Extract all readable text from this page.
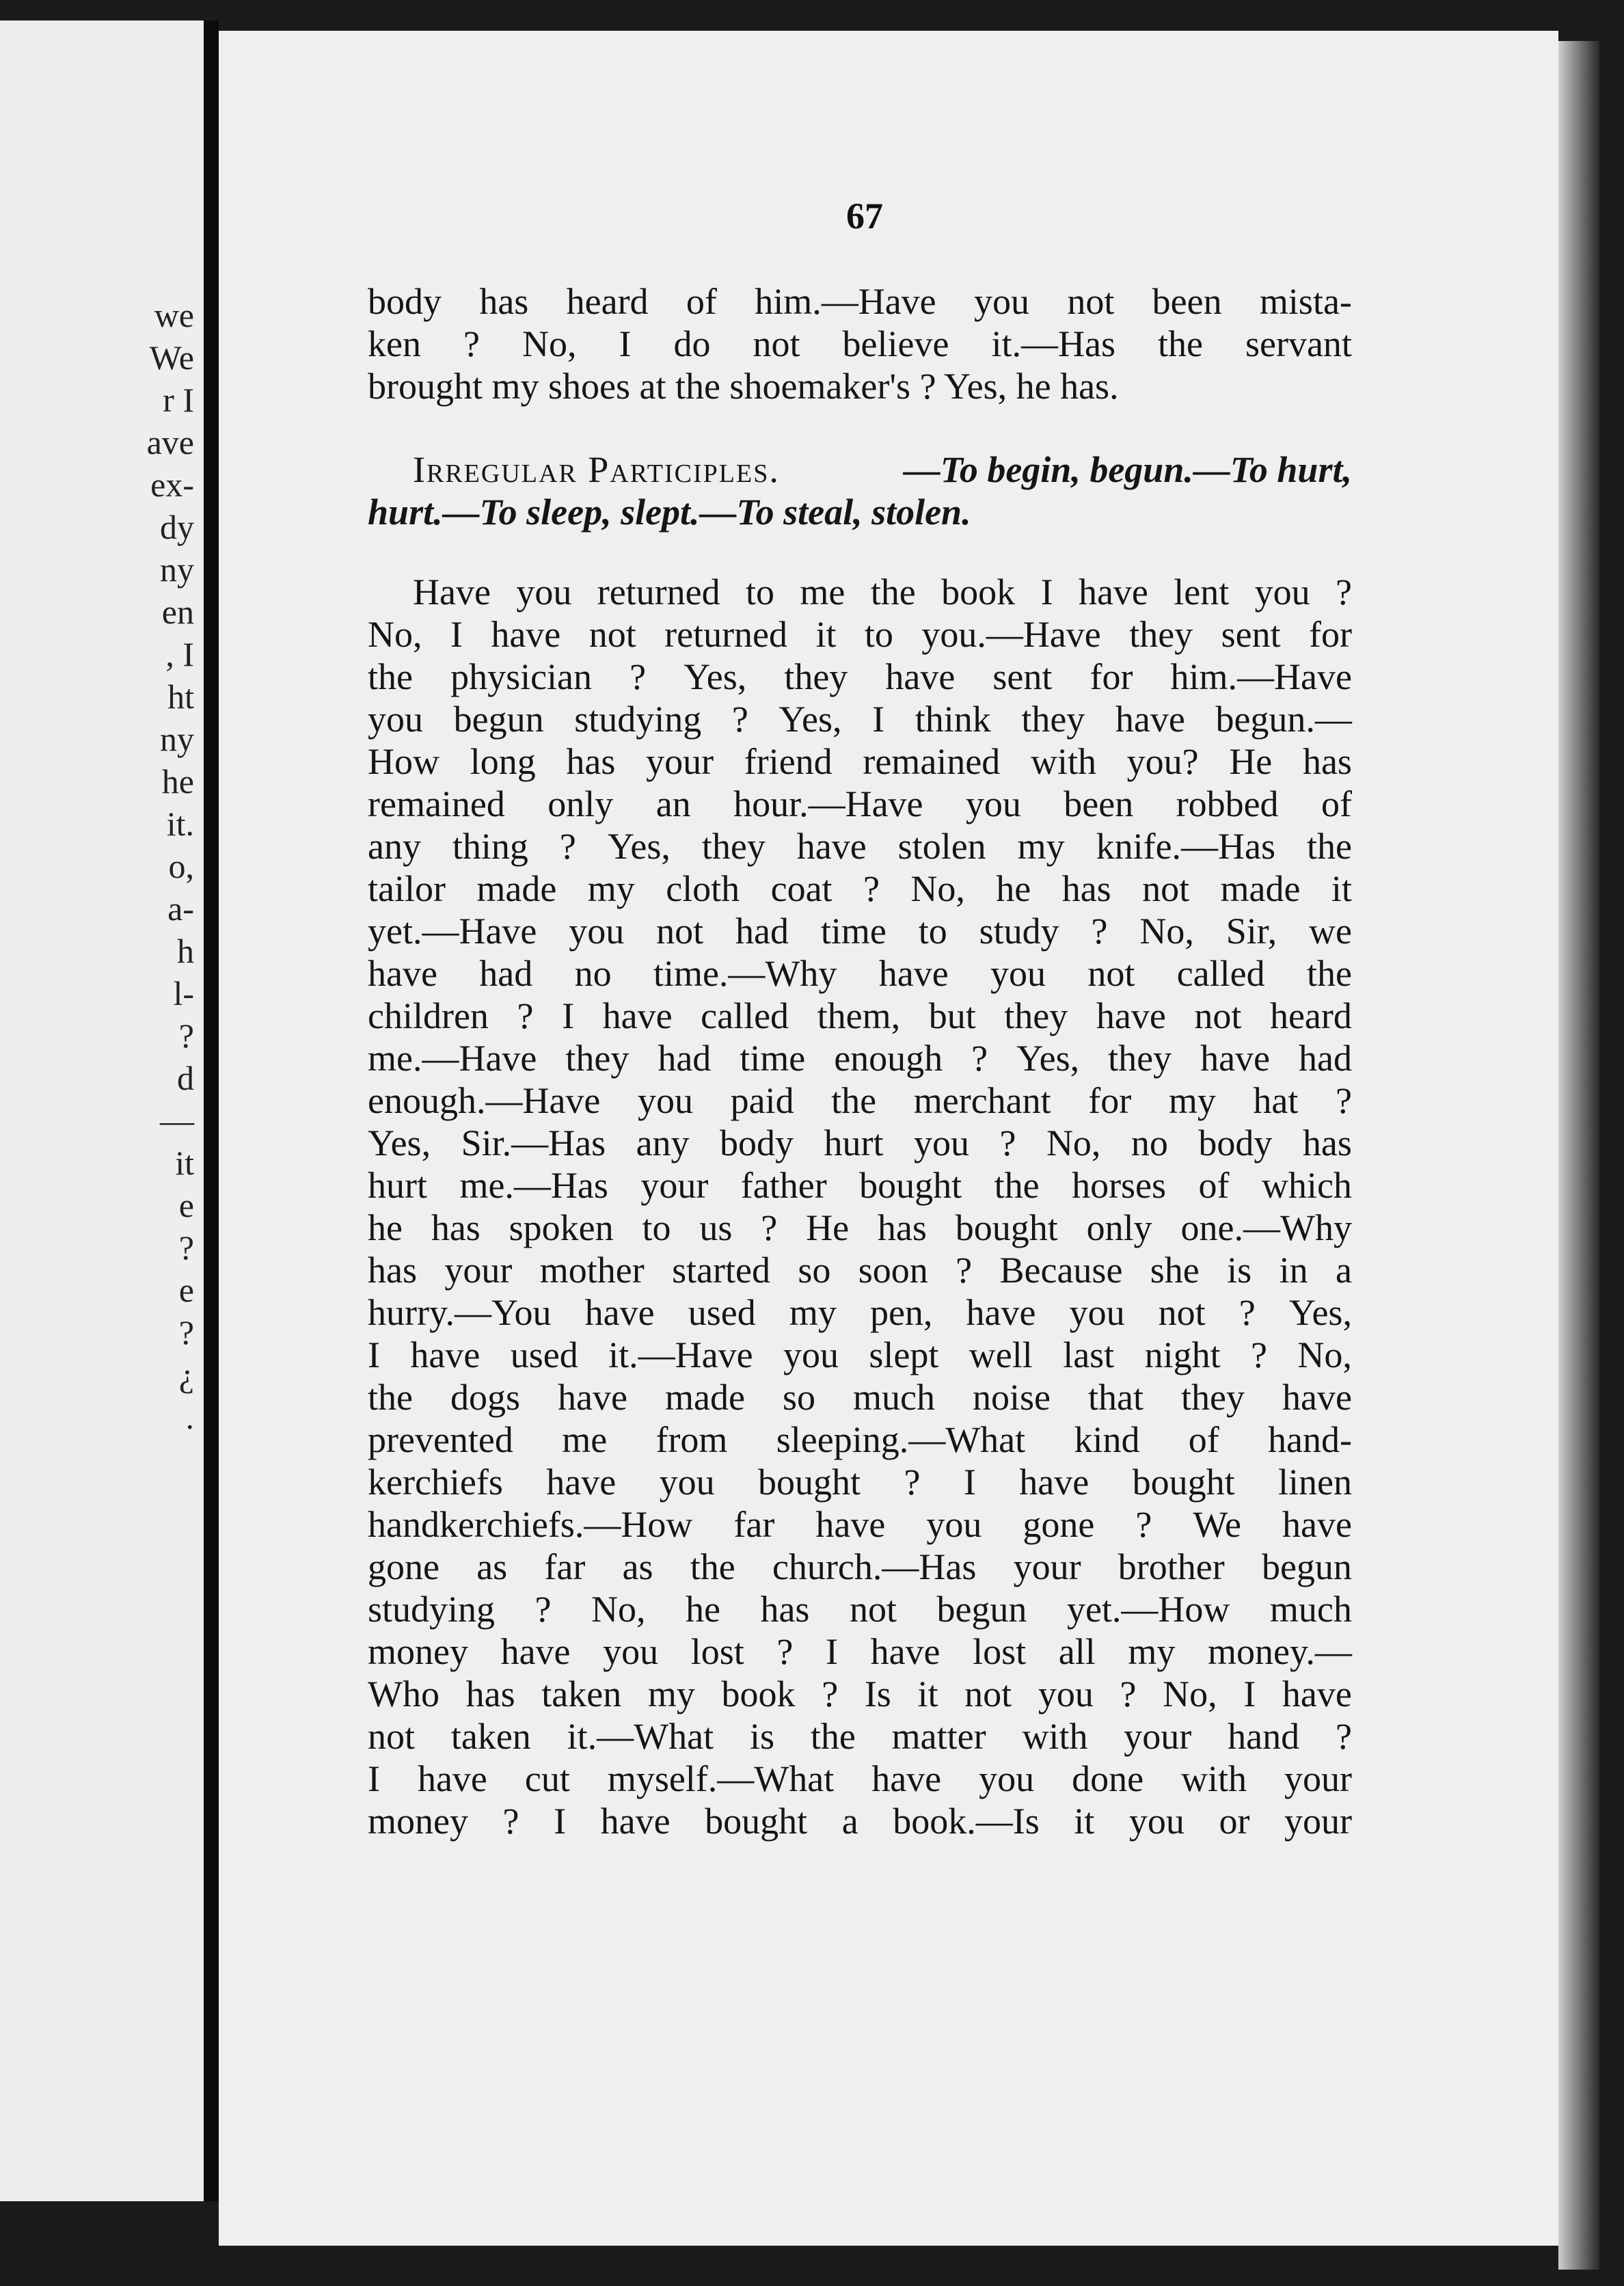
we
We
r I
ave
ex-
dy
ny
en
, I
ht
ny
he
it.
o,
a-
h
l-
?
d
—
it
e
?
e
?
¿
.
67
body has heard of him.—Have you not been mista-
ken ? No, I do not believe it.—Has the servant
brought my shoes at the shoemaker's ? Yes, he has.
Irregular Participles.	—To begin, begun.—To hurt,
hurt.—To sleep, slept.—To steal, stolen.
Have you returned to me the book I have lent you ?
No, I have not returned it to you.—Have they sent for
the physician ? Yes, they have sent for him.—Have
you begun studying ? Yes, I think they have begun.—
How long has your friend remained with you? He has
remained only an hour.—Have you been robbed of
any thing ? Yes, they have stolen my knife.—Has the
tailor made my cloth coat ? No, he has not made it
yet.—Have you not had time to study ? No, Sir, we
have had no time.—Why have you not called the
children ? I have called them, but they have not heard
me.—Have they had time enough ? Yes, they have had
enough.—Have you paid the merchant for my hat ?
Yes, Sir.—Has any body hurt you ? No, no body has
hurt me.—Has your father bought the horses of which
he has spoken to us ? He has bought only one.—Why
has your mother started so soon ? Because she is in a
hurry.—You have used my pen, have you not ? Yes,
I have used it.—Have you slept well last night ? No,
the dogs have made so much noise that they have
prevented me from sleeping.—What kind of hand-
kerchiefs have you bought ? I have bought linen
handkerchiefs.—How far have you gone ? We have
gone as far as the church.—Has your brother begun
studying ? No, he has not begun yet.—How much
money have you lost ? I have lost all my money.—
Who has taken my book ? Is it not you ? No, I have
not taken it.—What is the matter with your hand ?
I have cut myself.—What have you done with your
money ? I have bought a book.—Is it you or your
